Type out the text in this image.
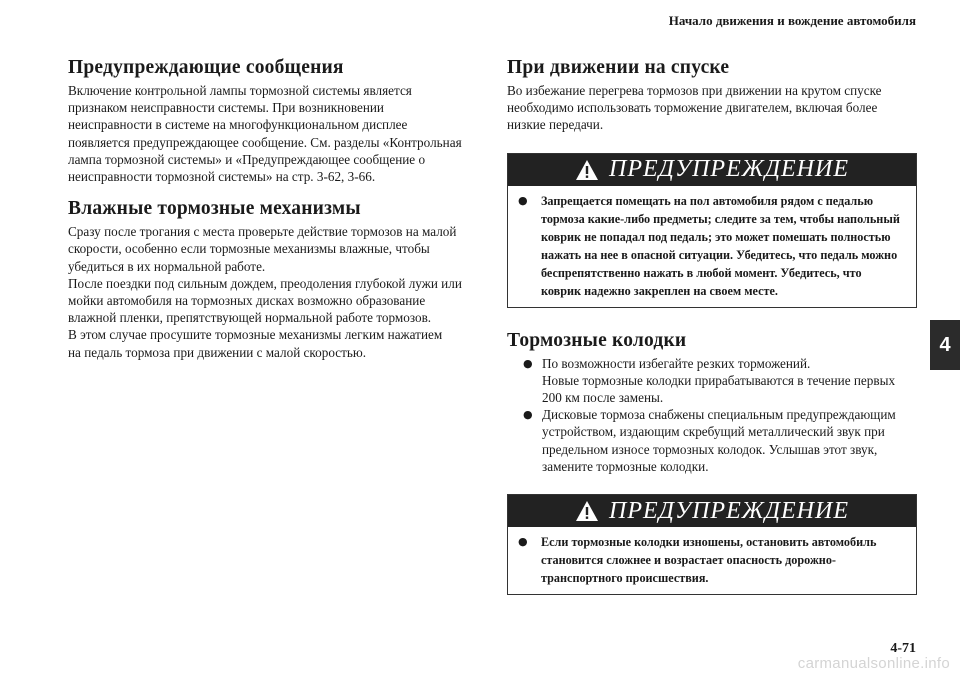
Начало движения и вождение автомобиля
4
Предупреждающие сообщения

Включение контрольной лампы тормозной системы является
признаком неисправности системы. При возникновении
неисправности в системе на многофункциональном дисплее
появляется предупреждающее сообщение. См. разделы «Контрольная
лампа тормозной системы» и «Предупреждающее сообщение о
неисправности тормозной системы» на стр. 3-62, 3-66.

Влажные тормозные механизмы

Сразу после трогания с места проверьте действие тормозов на малой
скорости, особенно если тормозные механизмы влажные, чтобы
убедиться в их нормальной работе.
После поездки под сильным дождем, преодоления глубокой лужи или
мойки автомобиля на тормозных дисках возможно образование
влажной пленки, препятствующей нормальной работе тормозов.
В этом случае просушите тормозные механизмы легким нажатием
на педаль тормоза при движении с малой скоростью.

При движении на спуске

Во избежание перегрева тормозов при движении на крутом спуске
необходимо использовать торможение двигателем, включая более
низкие передачи.

ПРЕДУПРЕЖДЕНИЕ
●	Запрещается помещать на пол автомобиля рядом с педалью
тормоза какие-либо предметы; следите за тем, чтобы напольный
коврик не попадал под педаль; это может помешать полностью
нажать на нее в опасной ситуации. Убедитесь, что педаль можно
беспрепятственно нажать в любой момент. Убедитесь, что
коврик надежно закреплен на своем месте.
Тормозные колодки
● По возможности избегайте резких торможений.
Новые тормозные колодки прирабатываются в течение первых
200 км после замены.
● Дисковые тормоза снабжены специальным предупреждающим
устройством, издающим скребущий металлический звук при
предельном износе тормозных колодок. Услышав этот звук,
замените тормозные колодки.
ПРЕДУПРЕЖДЕНИЕ
●	Если тормозные колодки изношены, остановить автомобиль
становится сложнее и возрастает опасность дорожно-
транспортного происшествия.
4-71
carmanualsonline.info
